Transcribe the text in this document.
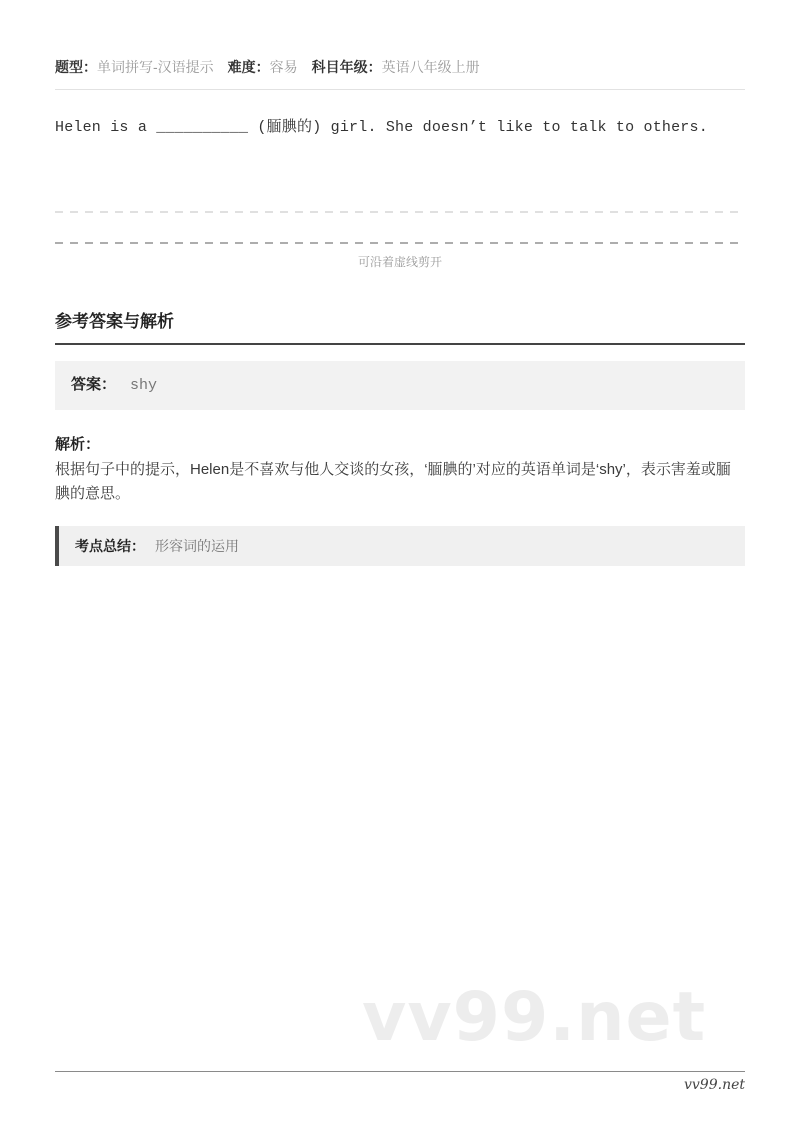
题型：单词拼写-汉语提示 难度：容易 科目年级：英语八年级上册

Helen is a __________ (腼腆的) girl. She doesn’t like to talk to others.

可沿着虚线剪开
参考答案与解析
答案： shy
解析：

根据句子中的提示，Helen是不喜欢与他人交谈的女孩，‘腼腆的’对应的英语单词是‘shy’，表示害羞或腼腆的意思。

考点总结： 形容词的运用
vv99.net
vv99.net
